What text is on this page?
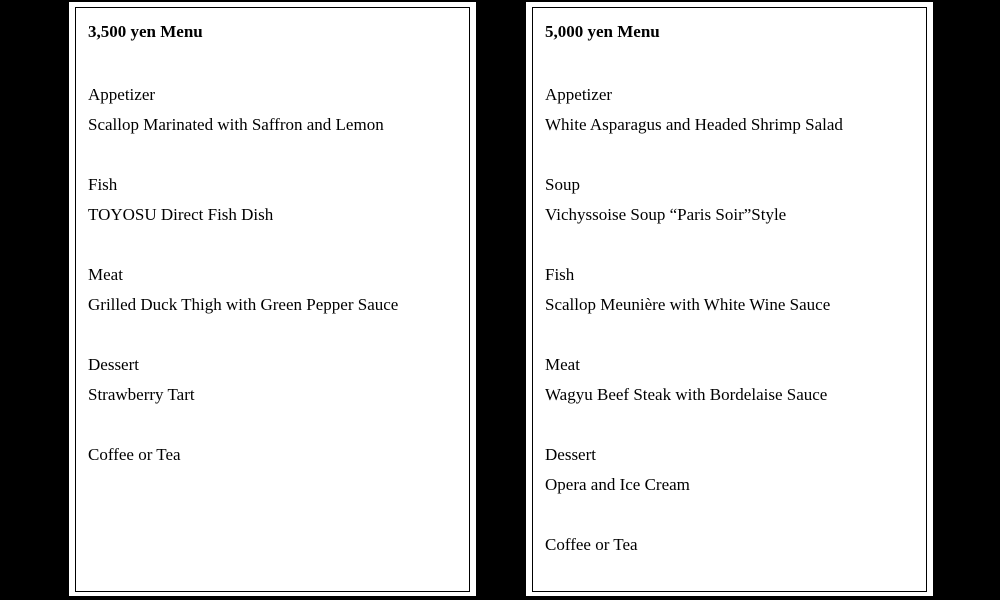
3,500 yen Menu
Appetizer
Scallop Marinated with Saffron and Lemon
Fish
TOYOSU Direct Fish Dish
Meat
Grilled Duck Thigh with Green Pepper Sauce
Dessert
Strawberry Tart
Coffee or Tea
5,000 yen Menu
Appetizer
White Asparagus and Headed Shrimp Salad
Soup
Vichyssoise Soup “Paris Soir”Style
Fish
Scallop Meunière with White Wine Sauce
Meat
Wagyu Beef Steak with Bordelaise Sauce
Dessert
Opera and Ice Cream
Coffee or Tea
